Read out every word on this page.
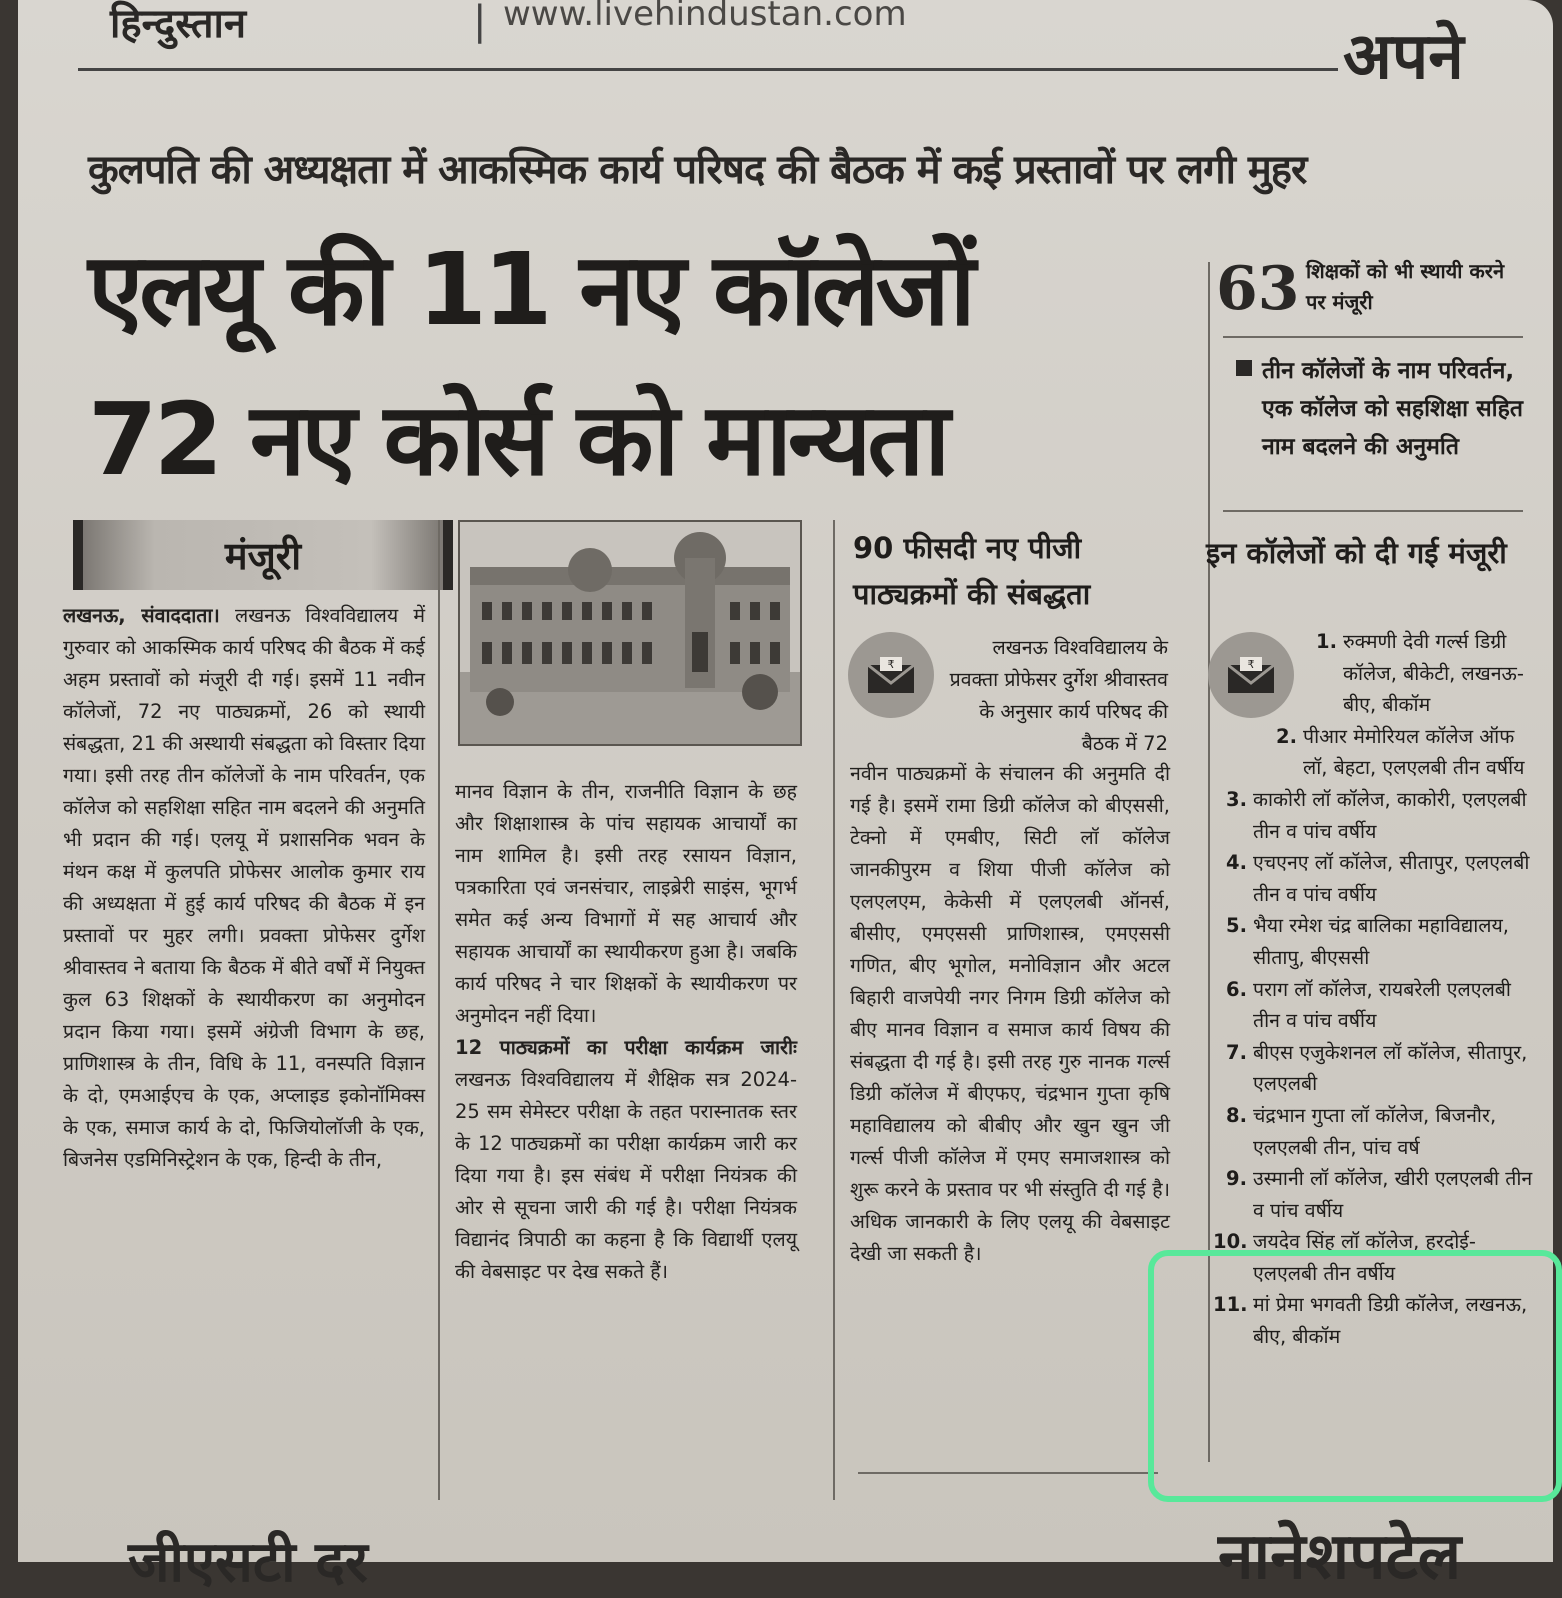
हिन्दुस्तान	| www.livehindustan.com
अपने
कुलपति की अध्यक्षता में आकस्मिक कार्य परिषद की बैठक में कई प्रस्तावों पर लगी मुहर
एलयू की 11 नए कॉलेजों
72 नए कोर्स को मान्यता
63 शिक्षकों को भी स्थायी करने पर मंजूरी
तीन कॉलेजों के नाम परिवर्तन, एक कॉलेज को सहशिक्षा सहित नाम बदलने की अनुमति
मंजूरी
लखनऊ, संवाददाता। लखनऊ विश्वविद्यालय में गुरुवार को आकस्मिक कार्य परिषद की बैठक में कई अहम प्रस्तावों को मंजूरी दी गई। इसमें 11 नवीन कॉलेजों, 72 नए पाठ्यक्रमों, 26 को स्थायी संबद्धता, 21 की अस्थायी संबद्धता को विस्तार दिया गया। इसी तरह तीन कॉलेजों के नाम परिवर्तन, एक कॉलेज को सहशिक्षा सहित नाम बदलने की अनुमति भी प्रदान की गई। एलयू में प्रशासनिक भवन के मंथन कक्ष में कुलपति प्रोफेसर आलोक कुमार राय की अध्यक्षता में हुई कार्य परिषद की बैठक में इन प्रस्तावों पर मुहर लगी। प्रवक्ता प्रोफेसर दुर्गेश श्रीवास्तव ने बताया कि बैठक में बीते वर्षों में नियुक्त कुल 63 शिक्षकों के स्थायीकरण का अनुमोदन प्रदान किया गया। इसमें अंग्रेजी विभाग के छह, प्राणिशास्त्र के तीन, विधि के 11, वनस्पति विज्ञान के दो, एमआईएच के एक, अप्लाइड इकोनॉमिक्स के एक, समाज कार्य के दो, फिजियोलॉजी के एक, बिजनेस एडमिनिस्ट्रेशन के एक, हिन्दी के तीन,
मानव विज्ञान के तीन, राजनीति विज्ञान के छह और शिक्षाशास्त्र के पांच सहायक आचार्यों का नाम शामिल है। इसी तरह रसायन विज्ञान, पत्रकारिता एवं जनसंचार, लाइब्रेरी साइंस, भूगर्भ समेत कई अन्य विभागों में सह आचार्य और सहायक आचार्यों का स्थायीकरण हुआ है। जबकि कार्य परिषद ने चार शिक्षकों के स्थायीकरण पर अनुमोदन नहीं दिया।
12 पाठ्यक्रमों का परीक्षा कार्यक्रम जारीः लखनऊ विश्वविद्यालय में शैक्षिक सत्र 2024-25 सम सेमेस्टर परीक्षा के तहत परास्नातक स्तर के 12 पाठ्यक्रमों का परीक्षा कार्यक्रम जारी कर दिया गया है। इस संबंध में परीक्षा नियंत्रक की ओर से सूचना जारी की गई है। परीक्षा नियंत्रक विद्यानंद त्रिपाठी का कहना है कि विद्यार्थी एलयू की वेबसाइट पर देख सकते हैं।
90 फीसदी नए पीजी पाठ्यक्रमों की संबद्धता
₹
लखनऊ विश्वविद्यालय के प्रवक्ता प्रोफेसर दुर्गेश श्रीवास्तव के अनुसार कार्य परिषद की बैठक में 72
नवीन पाठ्यक्रमों के संचालन की अनुमति दी गई है। इसमें रामा डिग्री कॉलेज को बीएससी, टेक्नो में एमबीए, सिटी लॉ कॉलेज जानकीपुरम व शिया पीजी कॉलेज को एलएलएम, केकेसी में एलएलबी ऑनर्स, बीसीए, एमएससी प्राणिशास्त्र, एमएससी गणित, बीए भूगोल, मनोविज्ञान और अटल बिहारी वाजपेयी नगर निगम डिग्री कॉलेज को बीए मानव विज्ञान व समाज कार्य विषय की संबद्धता दी गई है। इसी तरह गुरु नानक गर्ल्स डिग्री कॉलेज में बीएफए, चंद्रभान गुप्ता कृषि महाविद्यालय को बीबीए और खुन खुन जी गर्ल्स पीजी कॉलेज में एमए समाजशास्त्र को शुरू करने के प्रस्ताव पर भी संस्तुति दी गई है। अधिक जानकारी के लिए एलयू की वेबसाइट देखी जा सकती है।
इन कॉलेजों को दी गई मंजूरी
₹
1. रुक्मणी देवी गर्ल्स डिग्री कॉलेज, बीकेटी, लखनऊ- बीए, बीकॉम
2. पीआर मेमोरियल कॉलेज ऑफ लॉ, बेहटा, एलएलबी तीन वर्षीय
3. काकोरी लॉ कॉलेज, काकोरी, एलएलबी तीन व पांच वर्षीय
4. एचएनए लॉ कॉलेज, सीतापुर, एलएलबी तीन व पांच वर्षीय
5. भैया रमेश चंद्र बालिका महाविद्यालय, सीतापु, बीएससी
6. पराग लॉ कॉलेज, रायबरेली एलएलबी तीन व पांच वर्षीय
7. बीएस एजुकेशनल लॉ कॉलेज, सीतापुर, एलएलबी
8. चंद्रभान गुप्ता लॉ कॉलेज, बिजनौर, एलएलबी तीन, पांच वर्ष
9. उस्मानी लॉ कॉलेज, खीरी एलएलबी तीन व पांच वर्षीय
10. जयदेव सिंह लॉ कॉलेज, हरदोई- एलएलबी तीन वर्षीय
11. मां प्रेमा भगवती डिग्री कॉलेज, लखनऊ, बीए, बीकॉम
जीएसटी दर	नानेशपटेल
